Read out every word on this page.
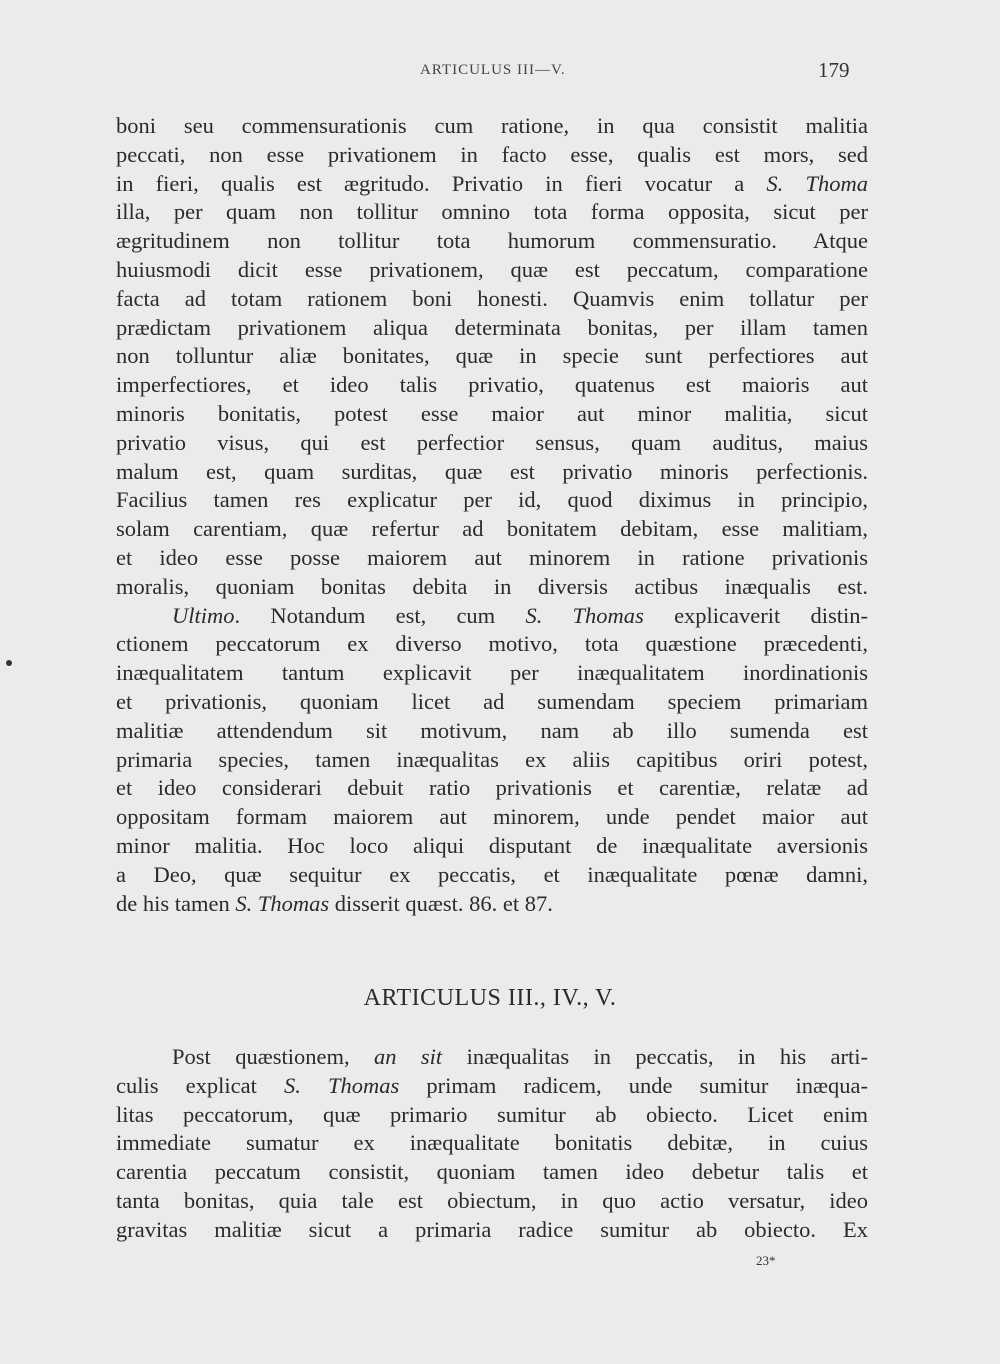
ARTICULUS III—V.	179
boni seu commensurationis cum ratione, in qua consistit malitia
peccati, non esse privationem in facto esse, qualis est mors, sed
in fieri, qualis est ægritudo. Privatio in fieri vocatur a S. Thoma
illa, per quam non tollitur omnino tota forma opposita, sicut per
ægritudinem non tollitur tota humorum commensuratio. Atque
huiusmodi dicit esse privationem, quæ est peccatum, comparatione
facta ad totam rationem boni honesti. Quamvis enim tollatur per
prædictam privationem aliqua determinata bonitas, per illam tamen
non tolluntur aliæ bonitates, quæ in specie sunt perfectiores aut
imperfectiores, et ideo talis privatio, quatenus est maioris aut
minoris bonitatis, potest esse maior aut minor malitia, sicut
privatio visus, qui est perfectior sensus, quam auditus, maius
malum est, quam surditas, quæ est privatio minoris perfectionis.
Facilius tamen res explicatur per id, quod diximus in principio,
solam carentiam, quæ refertur ad bonitatem debitam, esse malitiam,
et ideo esse posse maiorem aut minorem in ratione privationis
moralis, quoniam bonitas debita in diversis actibus inæqualis est.
Ultimo. Notandum est, cum S. Thomas explicaverit distin-
ctionem peccatorum ex diverso motivo, tota quæstione præcedenti,
inæqualitatem tantum explicavit per inæqualitatem inordinationis
et privationis, quoniam licet ad sumendam speciem primariam
malitiæ attendendum sit motivum, nam ab illo sumenda est
primaria species, tamen inæqualitas ex aliis capitibus oriri potest,
et ideo considerari debuit ratio privationis et carentiæ, relatæ ad
oppositam formam maiorem aut minorem, unde pendet maior aut
minor malitia. Hoc loco aliqui disputant de inæqualitate aversionis
a Deo, quæ sequitur ex peccatis, et inæqualitate pœnæ damni,
de his tamen S. Thomas disserit quæst. 86. et 87.
ARTICULUS III., IV., V.
Post quæstionem, an sit inæqualitas in peccatis, in his arti-
culis explicat S. Thomas primam radicem, unde sumitur inæqua-
litas peccatorum, quæ primario sumitur ab obiecto. Licet enim
immediate sumatur ex inæqualitate bonitatis debitæ, in cuius
carentia peccatum consistit, quoniam tamen ideo debetur talis et
tanta bonitas, quia tale est obiectum, in quo actio versatur, ideo
gravitas malitiæ sicut a primaria radice sumitur ab obiecto. Ex
23*
